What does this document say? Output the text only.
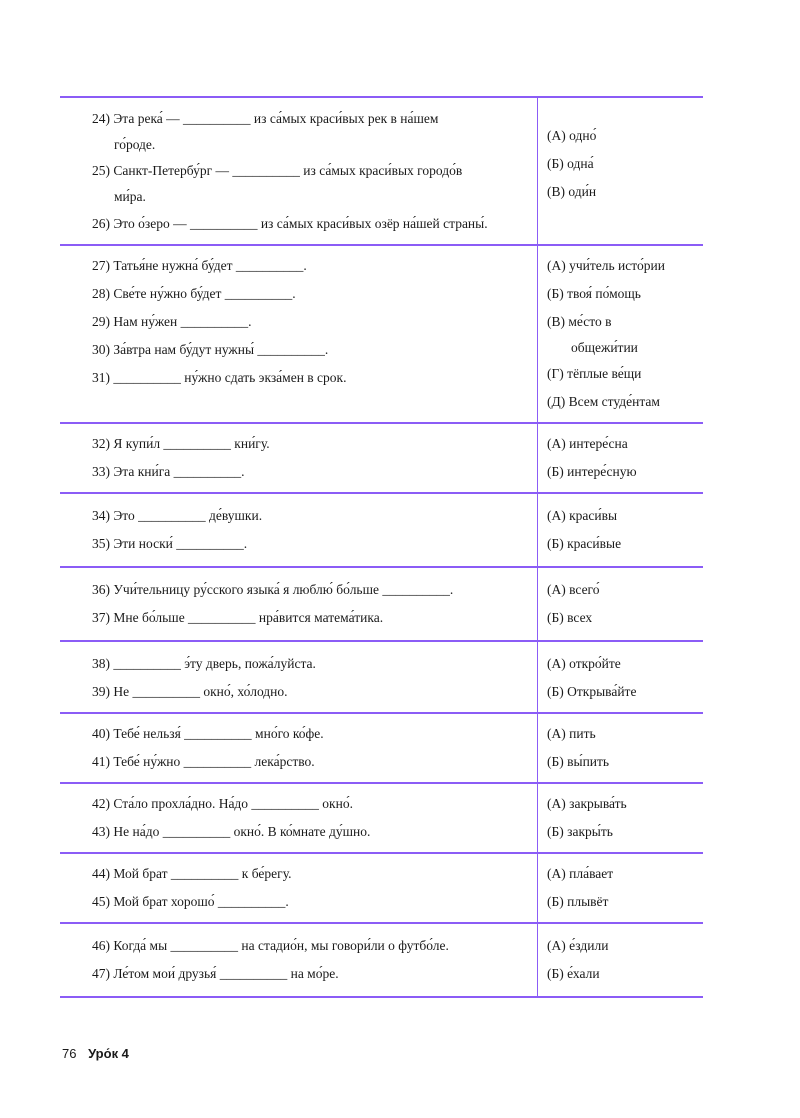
24) Эта река́ — __________ из са́мых краси́вых рек в на́шем
го́роде.
25) Санкт-Петербу́рг — __________ из са́мых краси́вых городо́в
ми́ра.
26) Это о́зеро — __________ из са́мых краси́вых озёр на́шей страны́.
(А) одно́
(Б) одна́
(В) оди́н
27) Татья́не нужна́ бу́дет __________.
28) Све́те ну́жно бу́дет __________.
29) Нам ну́жен __________.
30) За́втра нам бу́дут нужны́ __________.
31) __________ ну́жно сдать экза́мен в срок.
(А) учи́тель исто́рии
(Б) твоя́ по́мощь
(В) ме́сто в
общежи́тии
(Г) тёплые ве́щи
(Д) Всем студе́нтам
32) Я купи́л __________ кни́гу.
33) Эта кни́га __________.
(А) интере́сна
(Б) интере́сную
34) Это __________ де́вушки.
35) Эти носки́ __________.
(А) краси́вы
(Б) краси́вые
36) Учи́тельницу ру́сского языка́ я люблю́ бо́льше __________.
37) Мне бо́льше __________ нра́вится матема́тика.
(А) всего́
(Б) всех
38) __________ э́ту дверь, пожа́луйста.
39) Не __________ окно́, хо́лодно.
(А) откро́йте
(Б) Открыва́йте
40) Тебе́ нельзя́ __________ мно́го ко́фе.
41) Тебе́ ну́жно __________ лека́рство.
(А) пить
(Б) вы́пить
42) Ста́ло прохла́дно. На́до __________ окно́.
43) Не на́до __________ окно́. В ко́мнате ду́шно.
(А) закрыва́ть
(Б) закры́ть
44) Мой брат __________ к бе́регу.
45) Мой брат хорошо́ __________.
(А) пла́вает
(Б) плывёт
46) Когда́ мы __________ на стадио́н, мы говори́ли о футбо́ле.
47) Ле́том мои́ друзья́ __________ на мо́ре.
(А) е́здили
(Б) е́хали
76 Уро́к 4
